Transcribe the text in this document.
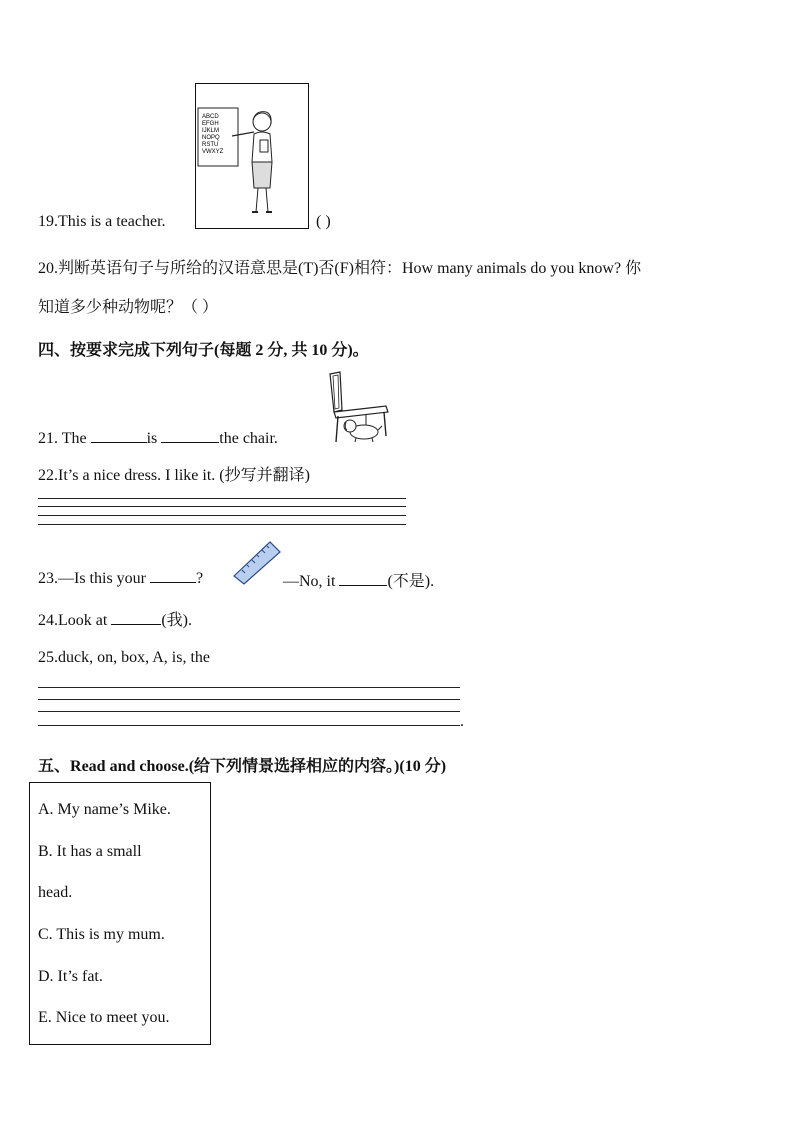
ABCD
EFGH
IJKLM
NOPQ
RSTU
VWXYZ
19.This is a teacher.	( )
20.判断英语句子与所给的汉语意思是(T)否(F)相符：How many animals do you know? 你
知道多少种动物呢？（ ）
四、按要求完成下列句子(每题 2 分, 共 10 分)。
21. The	is	the chair.
22.It’s a nice dress. I like it. (抄写并翻译)
23.—Is this your	?	—No, it	(不是).
24.Look at	(我).
25.duck, on, box, A, is, the
.
五、Read and choose.(给下列情景选择相应的内容。)(10 分)
A. My name’s Mike.
B. It has a small
head.
C. This is my mum.
D. It’s fat.
E. Nice to meet you.
